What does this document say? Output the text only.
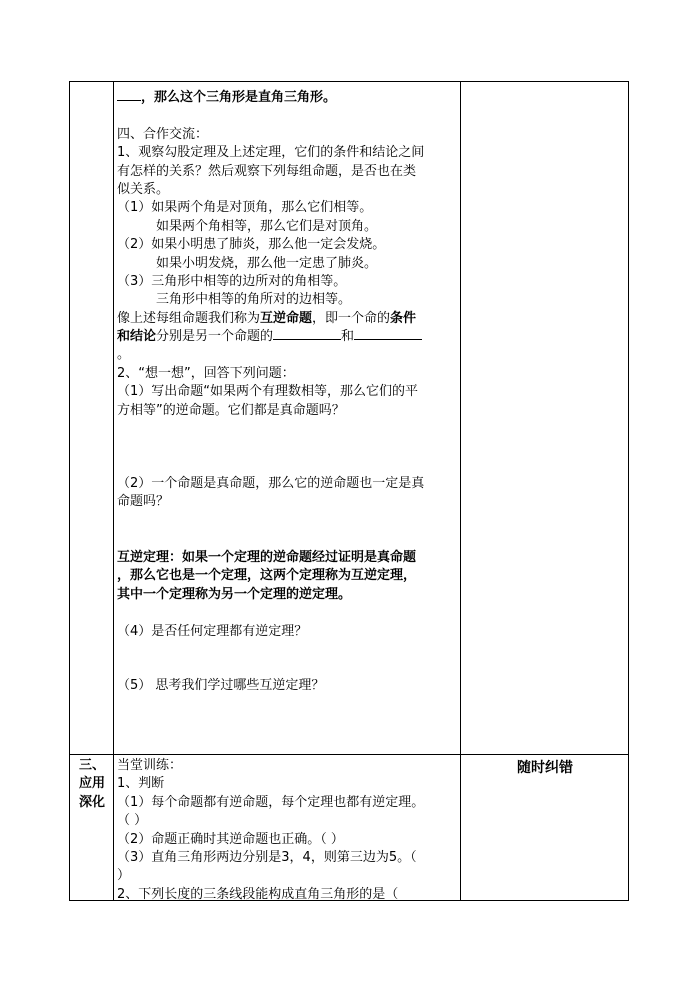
，那么这个三角形是直角三角形。
四、合作交流：
1、观察勾股定理及上述定理，它们的条件和结论之间
有怎样的关系？然后观察下列每组命题，是否也在类
似关系。
（1）如果两个角是对顶角，那么它们相等。
如果两个角相等，那么它们是对顶角。
（2）如果小明患了肺炎，那么他一定会发烧。
如果小明发烧，那么他一定患了肺炎。
（3）三角形中相等的边所对的角相等。
三角形中相等的角所对的边相等。
像上述每组命题我们称为互逆命题，即一个命的条件
和结论分别是另一个命题的	和
。
2、“想一想”，回答下列问题：
（1）写出命题“如果两个有理数相等，那么它们的平
方相等”的逆命题。它们都是真命题吗？
（2）一个命题是真命题，那么它的逆命题也一定是真
命题吗？
互逆定理：如果一个定理的逆命题经过证明是真命题
，那么它也是一个定理，这两个定理称为互逆定理，
其中一个定理称为另一个定理的逆定理。
（4）是否任何定理都有逆定理？
（5） 思考我们学过哪些互逆定理？
三、
应用
深化
当堂训练：
1、判断
（1）每个命题都有逆命题，每个定理也都有逆定理。
（ ）
（2）命题正确时其逆命题也正确。（ ）
（3）直角三角形两边分别是3，4，则第三边为5。（
）
2、下列长度的三条线段能构成直角三角形的是（
随时纠错
